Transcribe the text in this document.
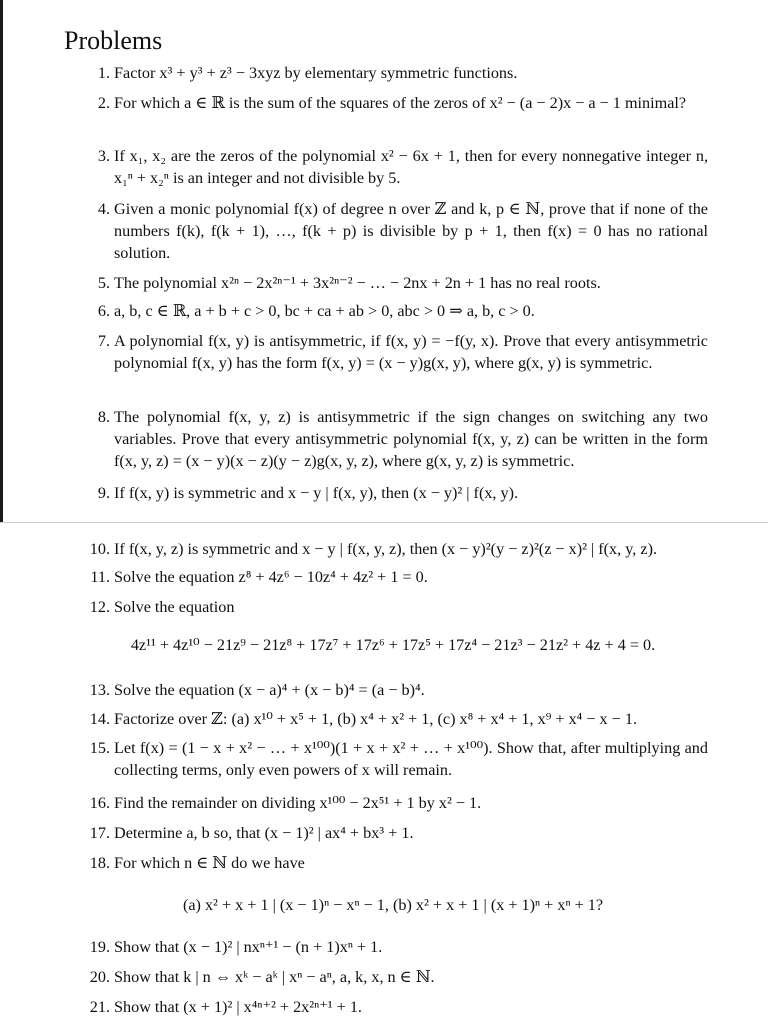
Problems
1. Factor x³ + y³ + z³ − 3xyz by elementary symmetric functions.
2. For which a ∈ ℝ is the sum of the squares of the zeros of x² − (a − 2)x − a − 1 minimal?
3. If x₁, x₂ are the zeros of the polynomial x² − 6x + 1, then for every nonnegative integer n, x₁ⁿ + x₂ⁿ is an integer and not divisible by 5.
4. Given a monic polynomial f(x) of degree n over ℤ and k, p ∈ ℕ, prove that if none of the numbers f(k), f(k + 1), …, f(k + p) is divisible by p + 1, then f(x) = 0 has no rational solution.
5. The polynomial x²ⁿ − 2x²ⁿ⁻¹ + 3x²ⁿ⁻² − … − 2nx + 2n + 1 has no real roots.
6. a, b, c ∈ ℝ, a + b + c > 0, bc + ca + ab > 0, abc > 0 ⇒ a, b, c > 0.
7. A polynomial f(x, y) is antisymmetric, if f(x, y) = −f(y, x). Prove that every antisymmetric polynomial f(x, y) has the form f(x, y) = (x − y)g(x, y), where g(x, y) is symmetric.
8. The polynomial f(x, y, z) is antisymmetric if the sign changes on switching any two variables. Prove that every antisymmetric polynomial f(x, y, z) can be written in the form f(x, y, z) = (x − y)(x − z)(y − z)g(x, y, z), where g(x, y, z) is symmetric.
9. If f(x, y) is symmetric and x − y | f(x, y), then (x − y)² | f(x, y).
10. If f(x, y, z) is symmetric and x − y | f(x, y, z), then (x − y)²(y − z)²(z − x)² | f(x, y, z).
11. Solve the equation z⁸ + 4z⁶ − 10z⁴ + 4z² + 1 = 0.
12. Solve the equation
4z¹¹ + 4z¹⁰ − 21z⁹ − 21z⁸ + 17z⁷ + 17z⁶ + 17z⁵ + 17z⁴ − 21z³ − 21z² + 4z + 4 = 0.
13. Solve the equation (x − a)⁴ + (x − b)⁴ = (a − b)⁴.
14. Factorize over ℤ: (a) x¹⁰ + x⁵ + 1, (b) x⁴ + x² + 1, (c) x⁸ + x⁴ + 1, x⁹ + x⁴ − x − 1.
15. Let f(x) = (1 − x + x² − … + x¹⁰⁰)(1 + x + x² + … + x¹⁰⁰). Show that, after multiplying and collecting terms, only even powers of x will remain.
16. Find the remainder on dividing x¹⁰⁰ − 2x⁵¹ + 1 by x² − 1.
17. Determine a, b so, that (x − 1)² | ax⁴ + bx³ + 1.
18. For which n ∈ ℕ do we have
(a) x² + x + 1 | (x − 1)ⁿ − xⁿ − 1, (b) x² + x + 1 | (x + 1)ⁿ + xⁿ + 1?
19. Show that (x − 1)² | nxⁿ⁺¹ − (n + 1)xⁿ + 1.
20. Show that k | n ⇔ xᵏ − aᵏ | xⁿ − aⁿ, a, k, x, n ∈ ℕ.
21. Show that (x + 1)² | x⁴ⁿ⁺² + 2x²ⁿ⁺¹ + 1.
